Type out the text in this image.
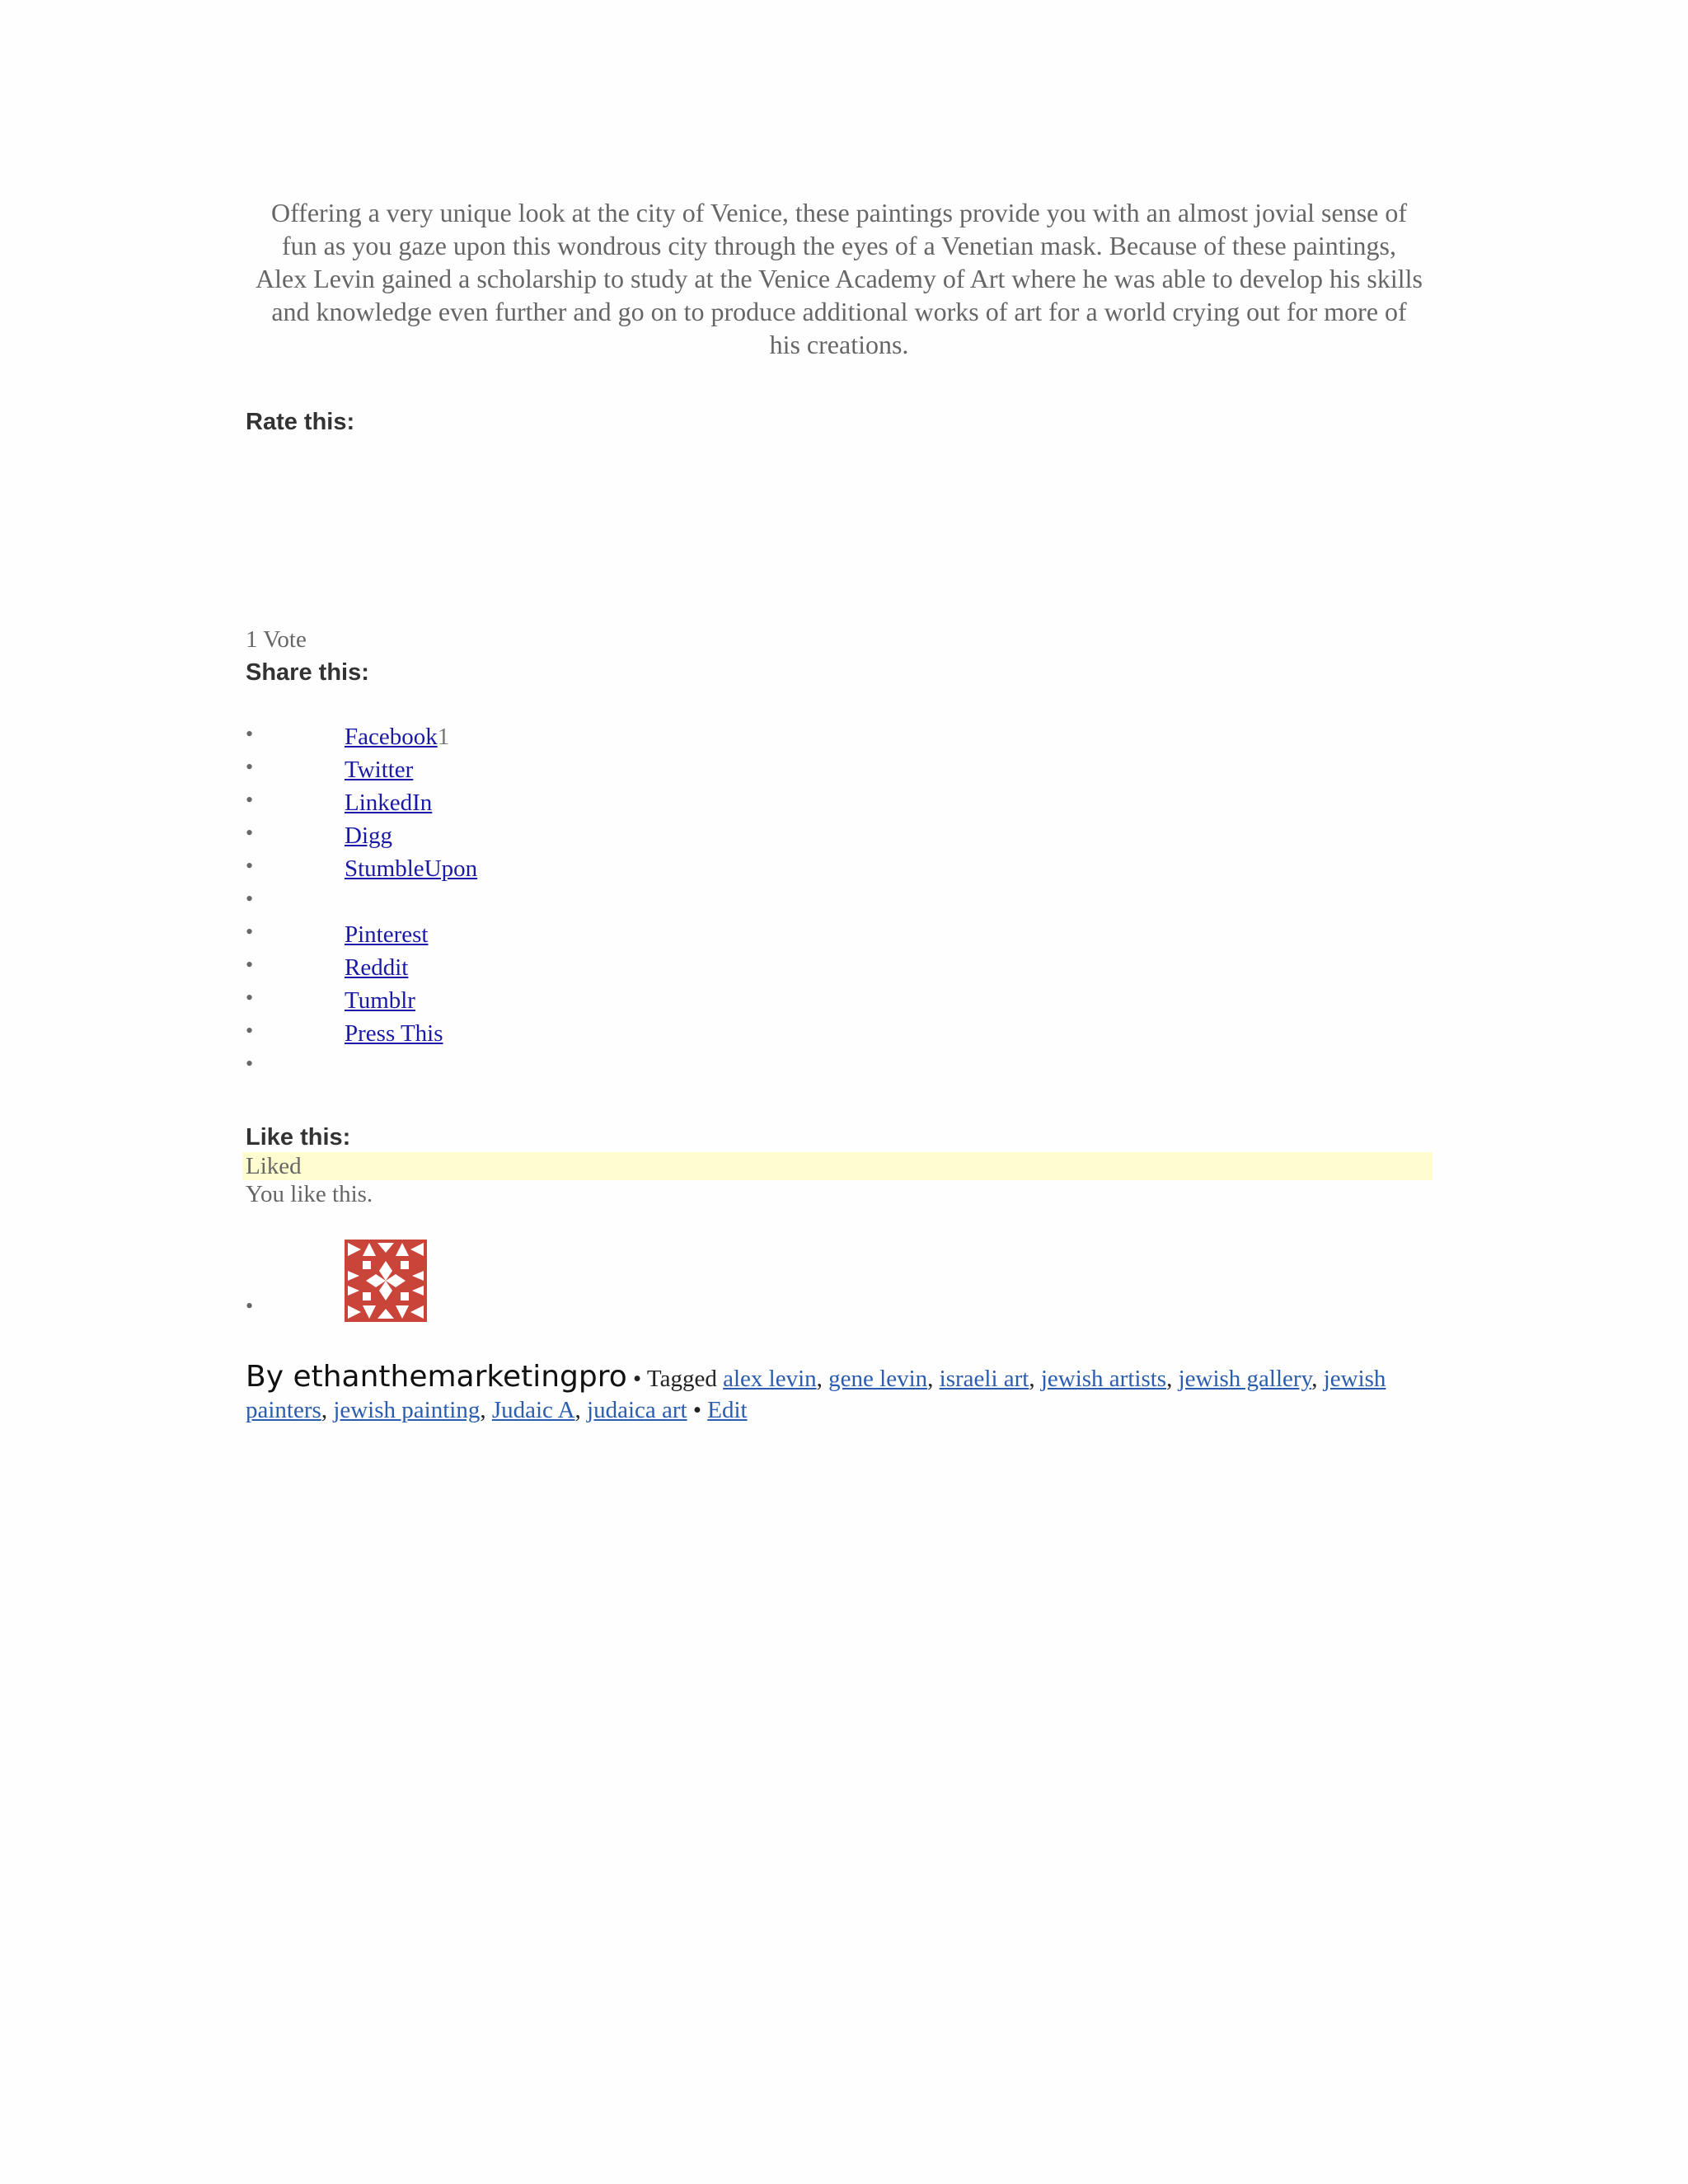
Offering a very unique look at the city of Venice, these paintings provide you with an almost jovial sense of fun as you gaze upon this wondrous city through the eyes of a Venetian mask. Because of these paintings, Alex Levin gained a scholarship to study at the Venice Academy of Art where he was able to develop his skills and knowledge even further and go on to produce additional works of art for a world crying out for more of his creations.

Rate this:
1 Vote
Share this:
•	Facebook1
•	Twitter
•	LinkedIn
•	Digg
•	StumbleUpon
•
•	Pinterest
•	Reddit
•	Tumblr
•	Press This
•
Like this:
Liked
You like this.
•
By ethanthemarketingpro • Tagged alex levin, gene levin, israeli art, jewish artists, jewish gallery, jewish painters, jewish painting, Judaic A, judaica art • Edit
